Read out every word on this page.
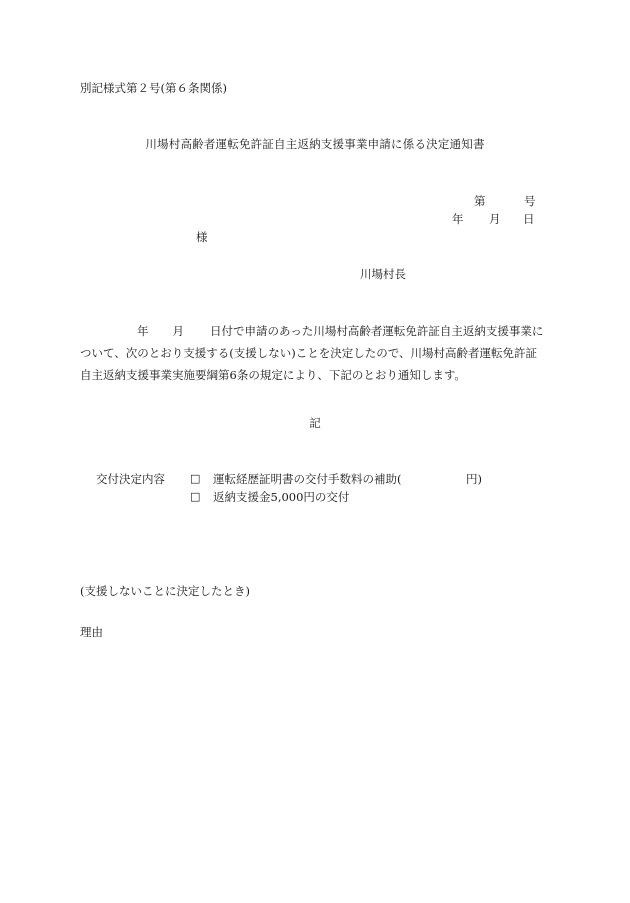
別記様式第２号(第６条関係)
川場村高齢者運転免許証自主返納支援事業申請に係る決定通知書
第	号
年 月 日
様
川場村長
年 月 日付で申請のあった川場村高齢者運転免許証自主返納支援事業に
ついて、次のとおり支援する(支援しない)ことを決定したので、川場村高齢者運転免許証
自主返納支援事業実施要綱第6条の規定により、下記のとおり通知します。
記
交付決定内容 □ 運転経歴証明書の交付手数料の補助(	円)
□ 返納支援金5,000円の交付
(支援しないことに決定したとき)
理由
